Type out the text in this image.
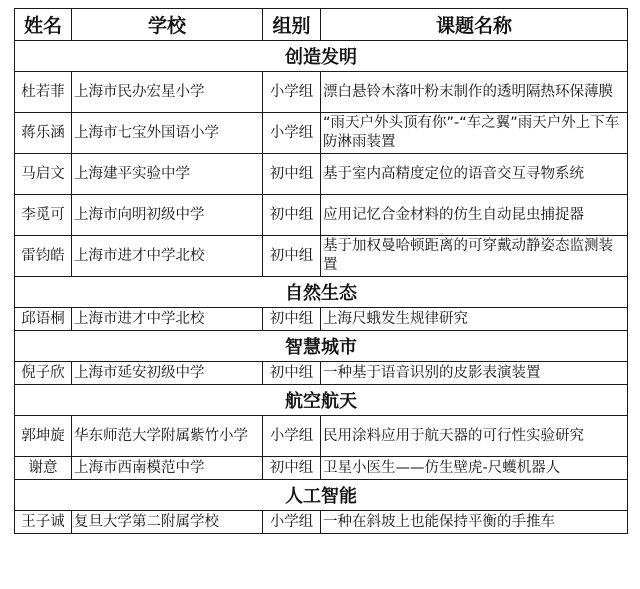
姓名	学校	组别	课题名称
创造发明			
杜若菲	上海市民办宏星小学	小学组	漂白悬铃木落叶粉末制作的透明隔热环保薄膜
蒋乐涵	上海市七宝外国语小学	小学组	“雨天户外头顶有你”-“车之翼”雨天户外上下车防淋雨装置
马启文	上海建平实验中学	初中组	基于室内高精度定位的语音交互寻物系统
李觅可	上海市向明初级中学	初中组	应用记忆合金材料的仿生自动昆虫捕捉器
雷钧皓	上海市进才中学北校	初中组	基于加权曼哈顿距离的可穿戴动静姿态监测装置
自然生态			
邱语桐	上海市进才中学北校	初中组	上海尺蛾发生规律研究
智慧城市			
倪子欣	上海市延安初级中学	初中组	一种基于语音识别的皮影表演装置
航空航天			
郭坤旋	华东师范大学附属紫竹小学	小学组	民用涂料应用于航天器的可行性实验研究
谢意	上海市西南模范中学	初中组	卫星小医生——仿生壁虎-尺蠖机器人
人工智能			
王子诚	复旦大学第二附属学校	小学组	一种在斜坡上也能保持平衡的手推车
